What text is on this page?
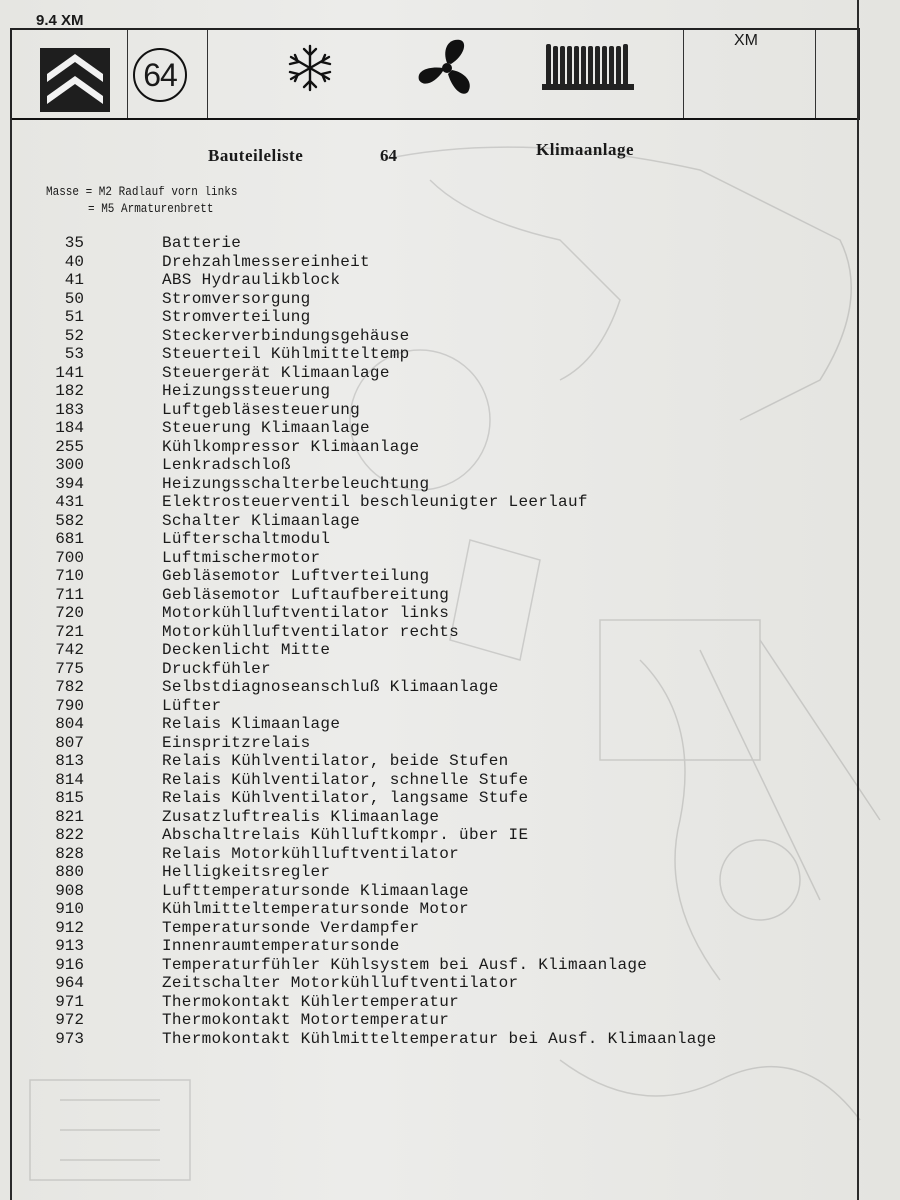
9.4 XM
64
XM
Bauteileliste	64	Klimaanlage
Masse = M2 Radlauf vorn links
= M5 Armaturenbrett
35	Batterie
40	Drehzahlmessereinheit
41	ABS Hydraulikblock
50	Stromversorgung
51	Stromverteilung
52	Steckerverbindungsgehäuse
53	Steuerteil Kühlmitteltemp
141	Steuergerät Klimaanlage
182	Heizungssteuerung
183	Luftgebläsesteuerung
184	Steuerung Klimaanlage
255	Kühlkompressor Klimaanlage
300	Lenkradschloß
394	Heizungsschalterbeleuchtung
431	Elektrosteuerventil beschleunigter Leerlauf
582	Schalter Klimaanlage
681	Lüfterschaltmodul
700	Luftmischermotor
710	Gebläsemotor Luftverteilung
711	Gebläsemotor Luftaufbereitung
720	Motorkühlluftventilator links
721	Motorkühlluftventilator rechts
742	Deckenlicht Mitte
775	Druckfühler
782	Selbstdiagnoseanschluß Klimaanlage
790	Lüfter
804	Relais Klimaanlage
807	Einspritzrelais
813	Relais Kühlventilator, beide Stufen
814	Relais Kühlventilator, schnelle Stufe
815	Relais Kühlventilator, langsame Stufe
821	Zusatzluftrealis Klimaanlage
822	Abschaltrelais Kühlluftkompr. über IE
828	Relais Motorkühlluftventilator
880	Helligkeitsregler
908	Lufttemperatursonde Klimaanlage
910	Kühlmitteltemperatursonde Motor
912	Temperatursonde Verdampfer
913	Innenraumtemperatursonde
916	Temperaturfühler Kühlsystem bei Ausf. Klimaanlage
964	Zeitschalter Motorkühlluftventilator
971	Thermokontakt Kühlertemperatur
972	Thermokontakt Motortemperatur
973	Thermokontakt Kühlmitteltemperatur bei Ausf. Klimaanlage
